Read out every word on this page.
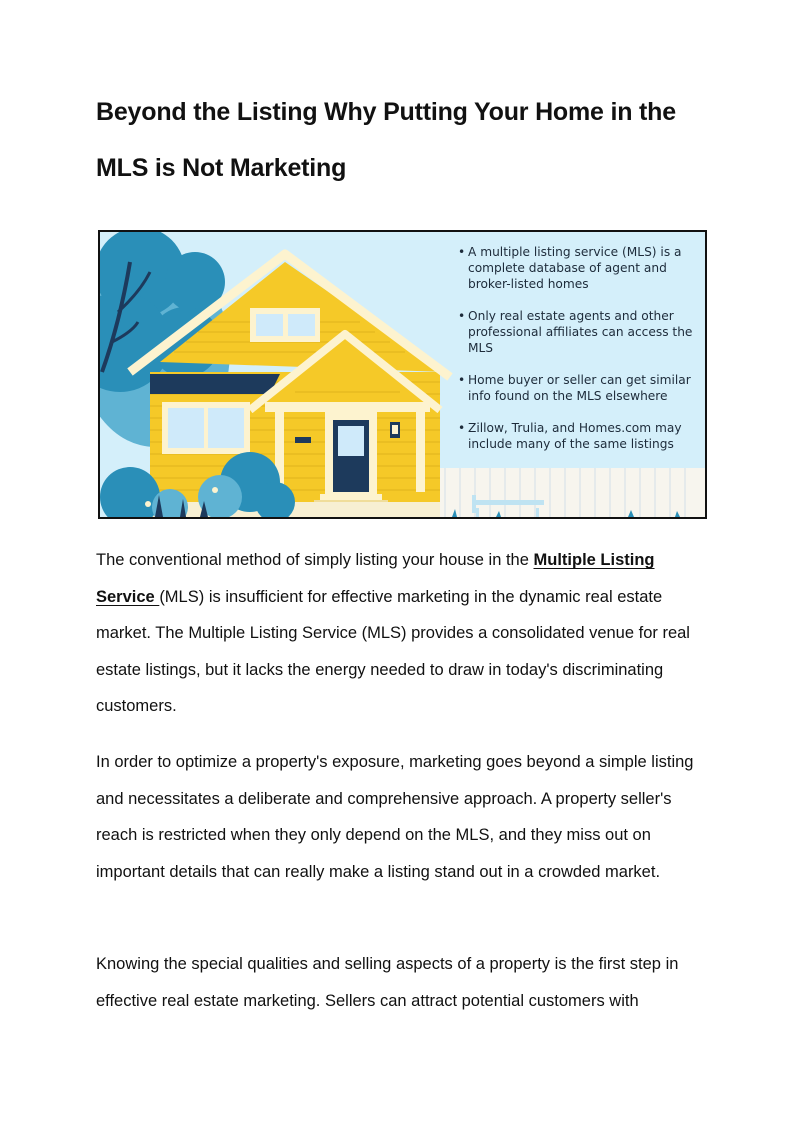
Beyond the Listing Why Putting Your Home in the MLS is Not Marketing
• A multiple listing service (MLS) is a complete database of agent and broker-listed homes
• Only real estate agents and other professional affiliates can access the MLS
• Home buyer or seller can get similar info found on the MLS elsewhere
• Zillow, Trulia, and Homes.com may include many of the same listings

The conventional method of simply listing your house in the Multiple Listing Service (MLS) is insufficient for effective marketing in the dynamic real estate market. The Multiple Listing Service (MLS) provides a consolidated venue for real estate listings, but it lacks the energy needed to draw in today's discriminating customers.

In order to optimize a property's exposure, marketing goes beyond a simple listing and necessitates a deliberate and comprehensive approach. A property seller's reach is restricted when they only depend on the MLS, and they miss out on important details that can really make a listing stand out in a crowded market.

Knowing the special qualities and selling aspects of a property is the first step in effective real estate marketing. Sellers can attract potential customers with
